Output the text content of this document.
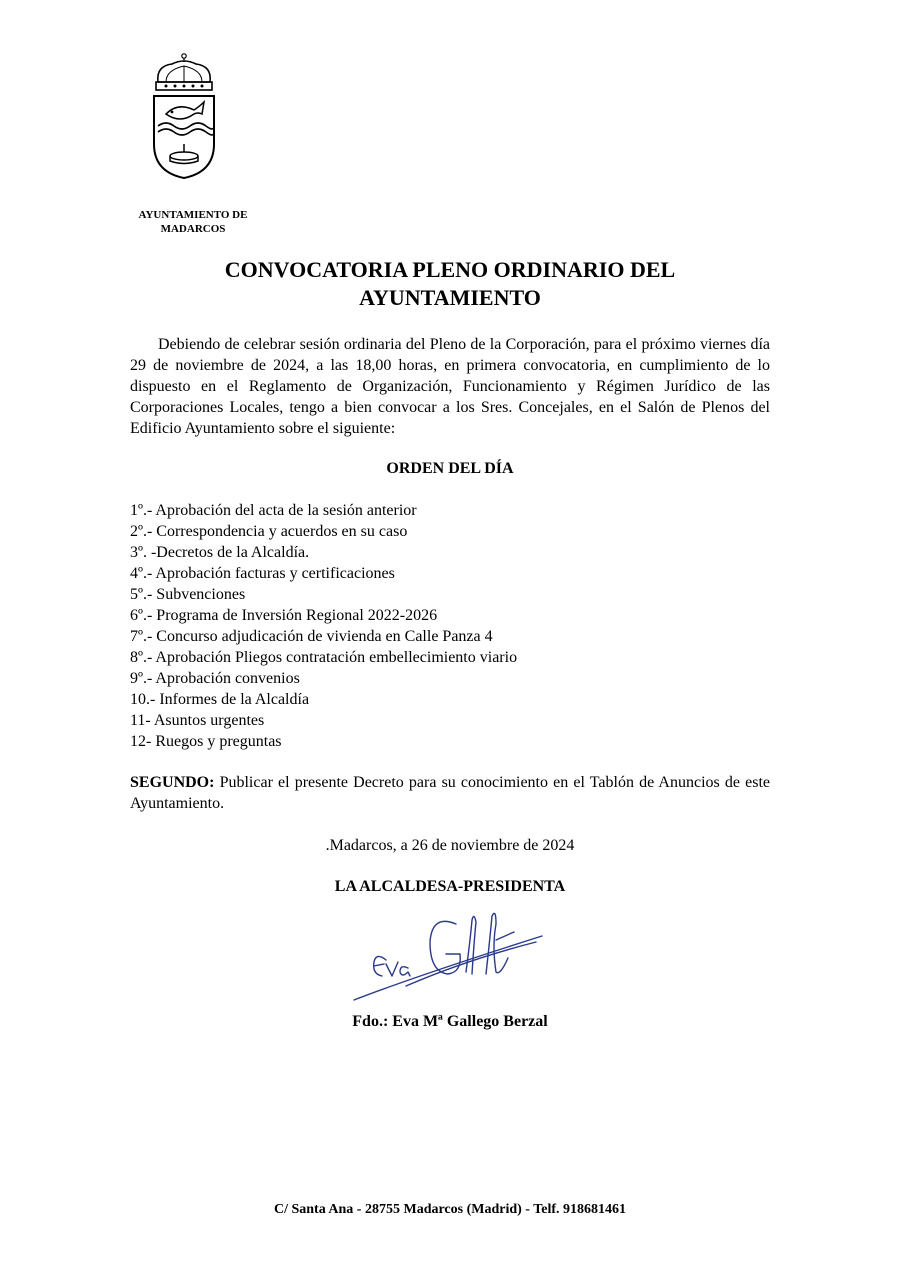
AYUNTAMIENTO DE
MADARCOS
CONVOCATORIA PLENO ORDINARIO DEL
AYUNTAMIENTO

Debiendo de celebrar sesión ordinaria del Pleno de la Corporación, para el próximo viernes día 29 de noviembre de 2024, a las 18,00 horas, en primera convocatoria, en cumplimiento de lo dispuesto en el Reglamento de Organización, Funcionamiento y Régimen Jurídico de las Corporaciones Locales, tengo a bien convocar a los Sres. Concejales, en el Salón de Plenos del Edificio Ayuntamiento sobre el siguiente:

ORDEN DEL DÍA
1º.- Aprobación del acta de la sesión anterior
2º.- Correspondencia y acuerdos en su caso
3º. -Decretos de la Alcaldía.
4º.- Aprobación facturas y certificaciones
5º.- Subvenciones
6º.- Programa de Inversión Regional 2022-2026
7º.- Concurso adjudicación de vivienda en Calle Panza 4
8º.- Aprobación Pliegos contratación embellecimiento viario
9º.- Aprobación convenios
10.- Informes de la Alcaldía
11- Asuntos urgentes
12- Ruegos y preguntas

SEGUNDO: Publicar el presente Decreto para su conocimiento en el Tablón de Anuncios de este Ayuntamiento.

.Madarcos, a 26 de noviembre de 2024
LA ALCALDESA-PRESIDENTA
Fdo.: Eva Mª Gallego Berzal
C/ Santa Ana - 28755 Madarcos (Madrid) - Telf. 918681461
